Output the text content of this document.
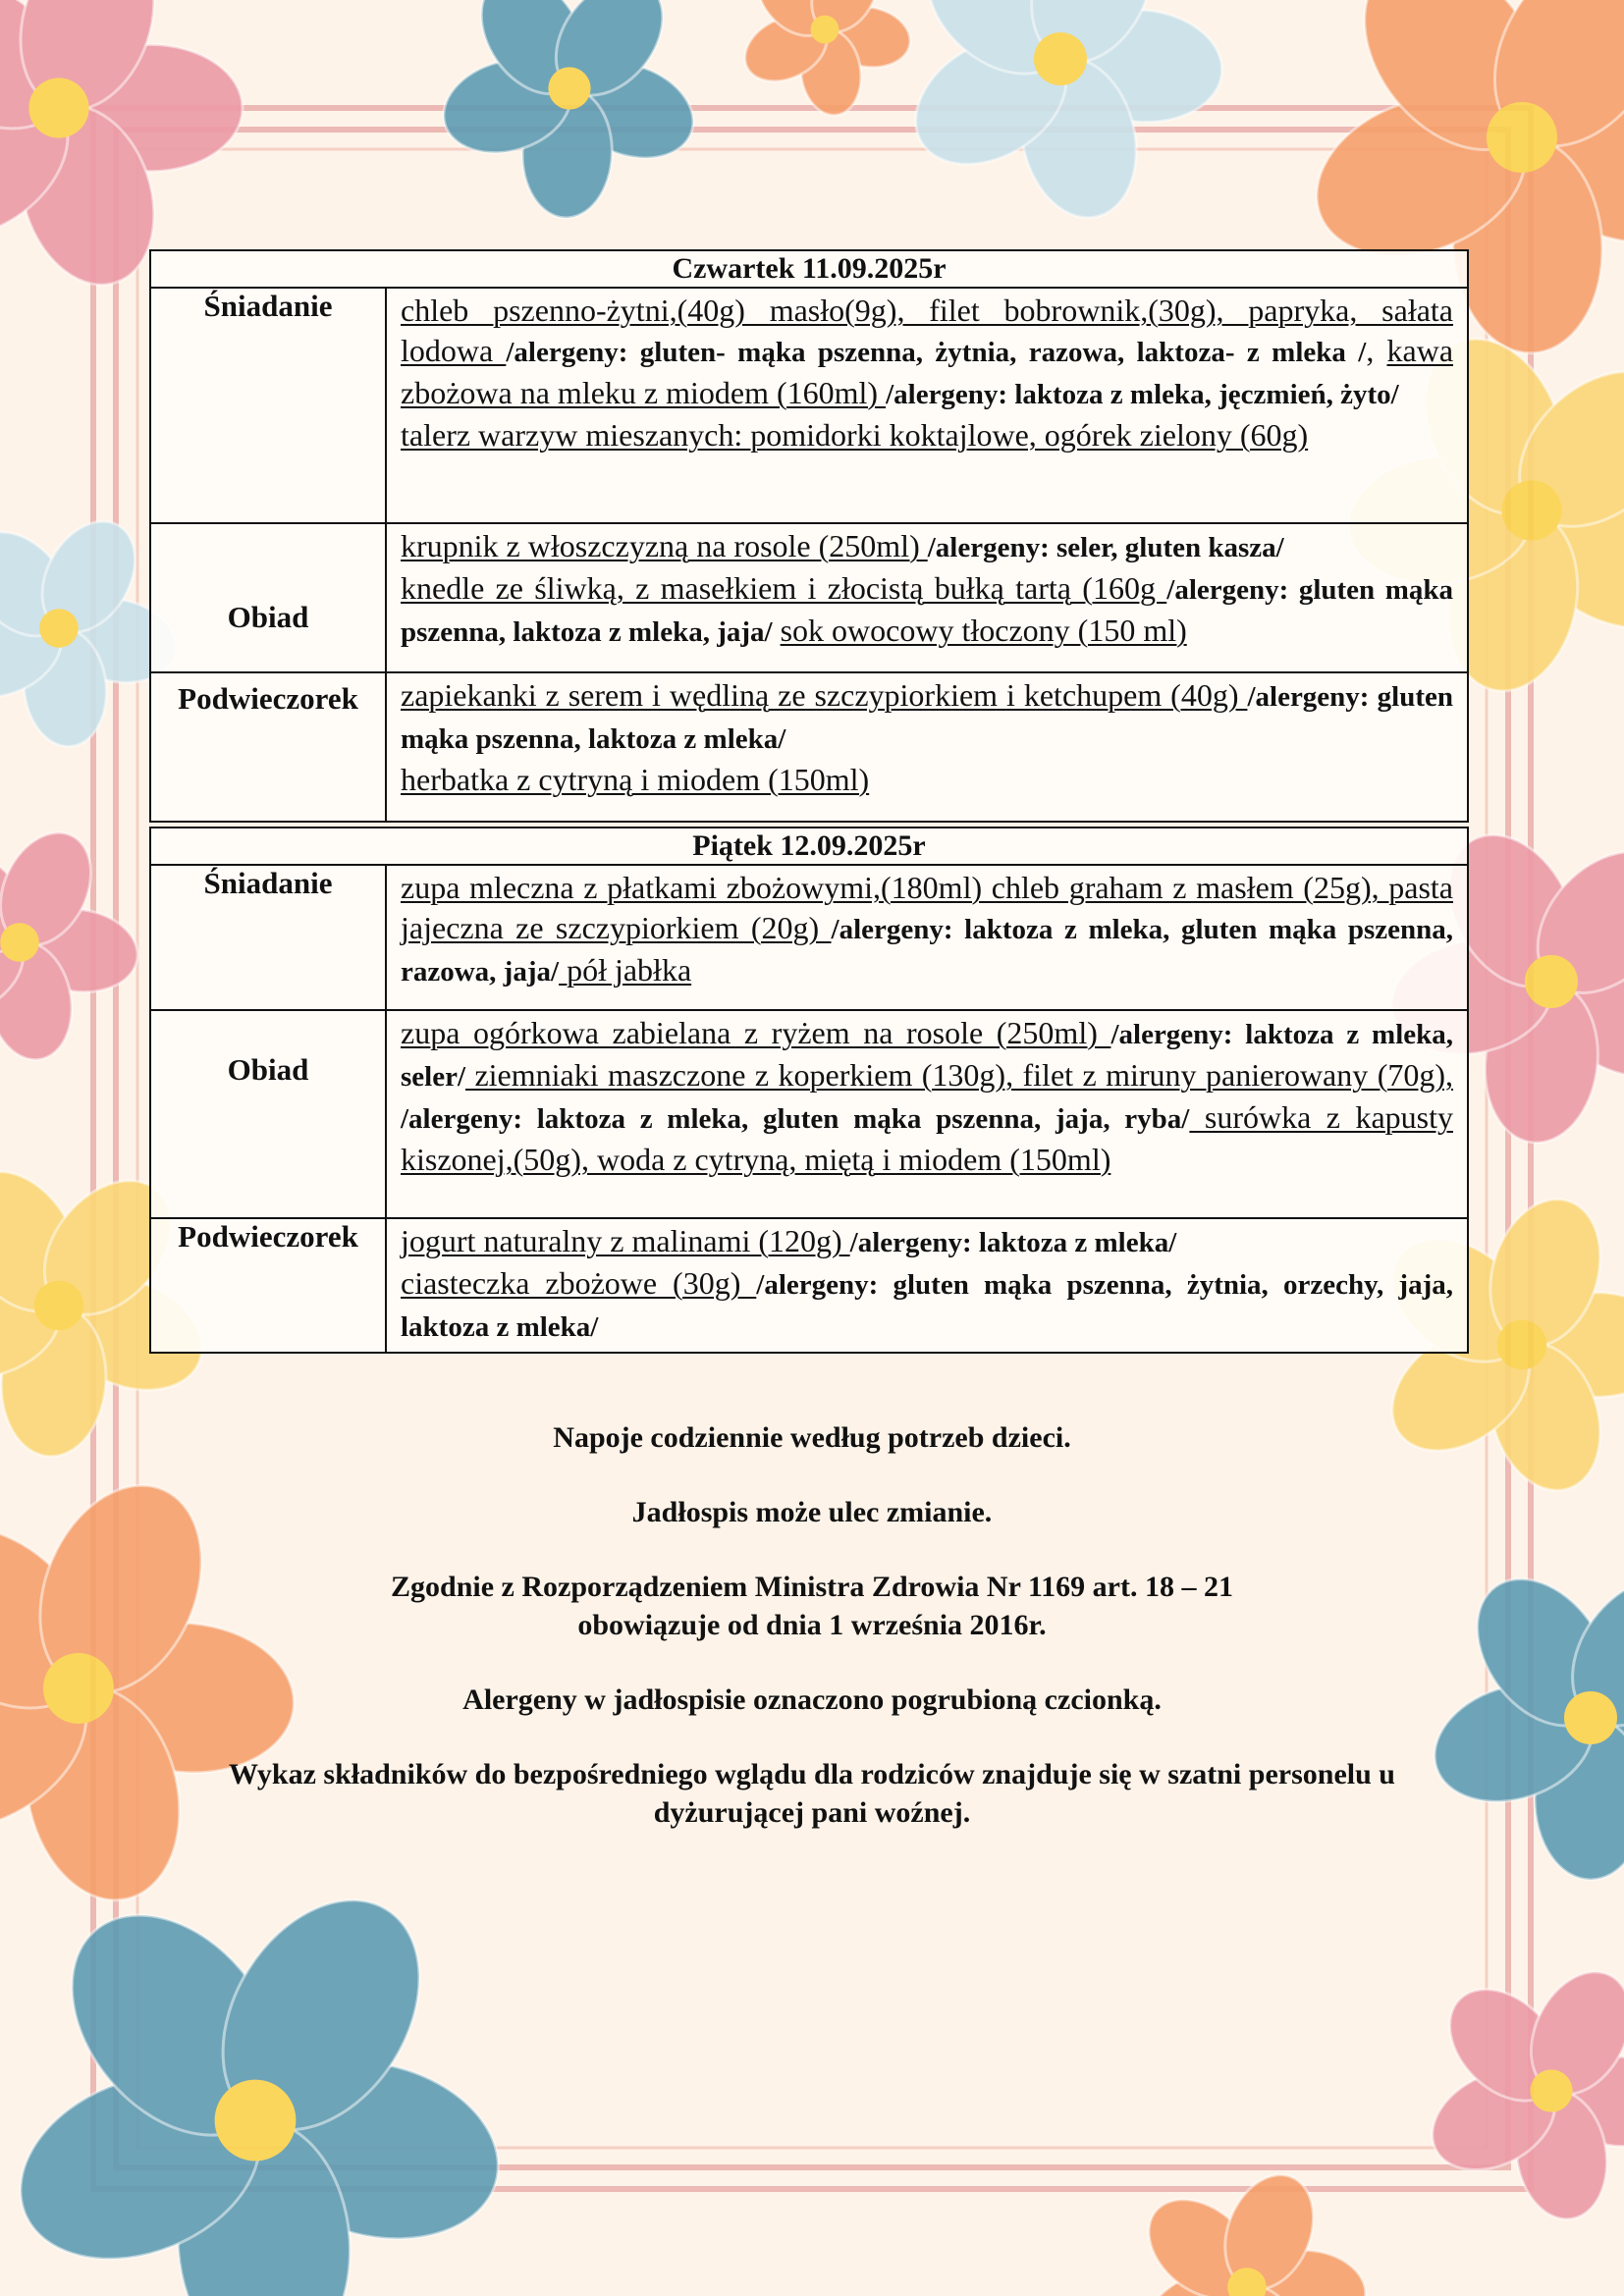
Czwartek 11.09.2025r	
Śniadanie	chleb pszenno-żytni,(40g) masło(9g), filet bobrownik,(30g), papryka, sałata lodowa /alergeny: gluten- mąka pszenna, żytnia, razowa, laktoza- z mleka /, kawa zbożowa na mleku z miodem (160ml) /alergeny: laktoza z mleka, jęczmień, żyto/
talerz warzyw mieszanych: pomidorki koktajlowe, ogórek zielony (60g)
Obiad	krupnik z włoszczyzną na rosole (250ml) /alergeny: seler, gluten kasza/
knedle ze śliwką, z masełkiem i złocistą bułką tartą (160g /alergeny: gluten mąka pszenna, laktoza z mleka, jaja/ sok owocowy tłoczony (150 ml)
Podwieczorek	zapiekanki z serem i wędliną ze szczypiorkiem i ketchupem (40g) /alergeny: gluten mąka pszenna, laktoza z mleka/
herbatka z cytryną i miodem (150ml)
Piątek 12.09.2025r	
Śniadanie	zupa mleczna z płatkami zbożowymi,(180ml) chleb graham z masłem (25g), pasta jajeczna ze szczypiorkiem (20g) /alergeny: laktoza z mleka, gluten mąka pszenna, razowa, jaja/ pół jabłka
Obiad	zupa ogórkowa zabielana z ryżem na rosole (250ml) /alergeny: laktoza z mleka, seler/ ziemniaki maszczone z koperkiem (130g), filet z miruny panierowany (70g), /alergeny: laktoza z mleka, gluten mąka pszenna, jaja, ryba/ surówka z kapusty kiszonej,(50g), woda z cytryną, miętą i miodem (150ml)
Podwieczorek	jogurt naturalny z malinami (120g) /alergeny: laktoza z mleka/
ciasteczka zbożowe (30g) /alergeny: gluten mąka pszenna, żytnia, orzechy, jaja, laktoza z mleka/

Napoje codziennie według potrzeb dzieci.

Jadłospis może ulec zmianie.

Zgodnie z Rozporządzeniem Ministra Zdrowia Nr 1169 art. 18 – 21
obowiązuje od dnia 1 września 2016r.

Alergeny w jadłospisie oznaczono pogrubioną czcionką.

Wykaz składników do bezpośredniego wglądu dla rodziców znajduje się w szatni personelu u
dyżurującej pani woźnej.
